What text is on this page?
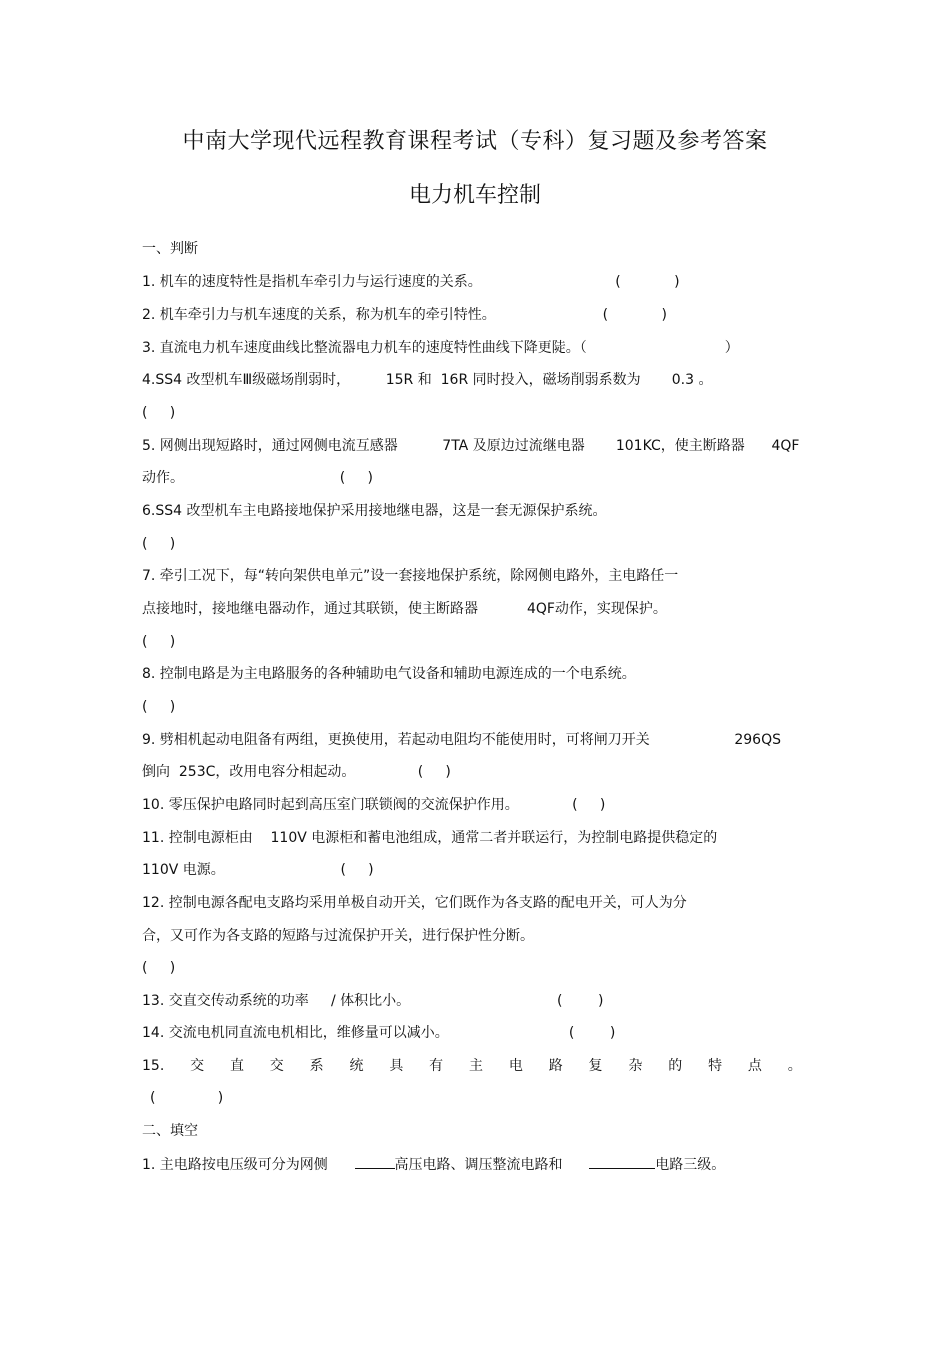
中南大学现代远程教育课程考试（专科）复习题及参考答案
电力机车控制
一、判断
1. 机车的速度特性是指机车牵引力与运行速度的关系。                              (            )
2. 机车牵引力与机车速度的关系，称为机车的牵引特性。                        (            )
3. 直流电力机车速度曲线比整流器电力机车的速度特性曲线下降更陡。（                               ）
4.SS4 改型机车Ⅲ级磁场削弱时，        15R 和  16R 同时投入，磁场削弱系数为       0.3 。
(     )
5. 网侧出现短路时，通过网侧电流互感器          7TA 及原边过流继电器       101KC，使主断路器      4QF
动作。                                   (     )
6.SS4 改型机车主电路接地保护采用接地继电器，这是一套无源保护系统。
(     )
7. 牵引工况下，每“转向架供电单元”设一套接地保护系统，除网侧电路外，主电路任一
点接地时，接地继电器动作，通过其联锁，使主断路器           4QF动作，实现保护。
(     )
8. 控制电路是为主电路服务的各种辅助电气设备和辅助电源连成的一个电系统。
(     )
9. 劈相机起动电阻备有两组，更换使用，若起动电阻均不能使用时，可将闸刀开关                   296QS
倒向  253C，改用电容分相起动。              (     )
10. 零压保护电路同时起到高压室门联锁阀的交流保护作用。            (     )
11. 控制电源柜由    110V 电源柜和蓄电池组成，通常二者并联运行，为控制电路提供稳定的
110V 电源。                          (     )
12. 控制电源各配电支路均采用单极自动开关，它们既作为各支路的配电开关，可人为分
合，又可作为各支路的短路与过流保护开关，进行保护性分断。
(     )
13. 交直交传动系统的功率     / 体积比小。                                 (        )
14. 交流电机同直流电机相比，维修量可以减小。                           (        )
15. 交 直 交 系 统 具 有 主 电 路 复 杂 的 特 点 。
(              )
二、填空
1. 主电路按电压级可分为网侧	高压电路、调压整流电路和	电路三级。
